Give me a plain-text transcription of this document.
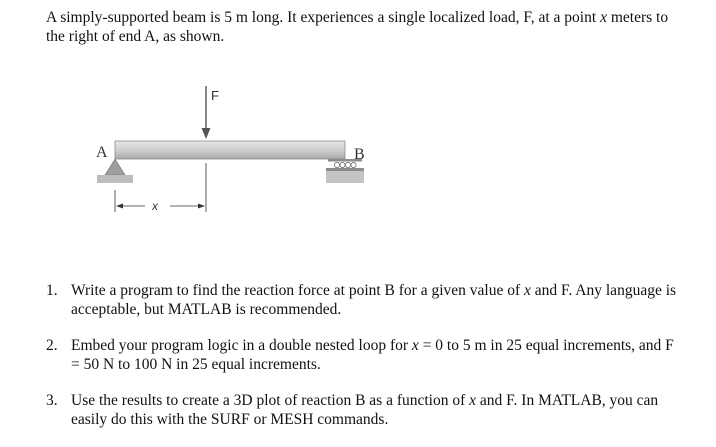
A simply-supported beam is 5 m long. It experiences a single localized load, F, at a point x meters to the right of end A, as shown.

A	B
F
x
1. Write a program to find the reaction force at point B for a given value of x and F. Any language is acceptable, but MATLAB is recommended.
2. Embed your program logic in a double nested loop for x = 0 to 5 m in 25 equal increments, and F = 50 N to 100 N in 25 equal increments.
3. Use the results to create a 3D plot of reaction B as a function of x and F. In MATLAB, you can easily do this with the SURF or MESH commands.
